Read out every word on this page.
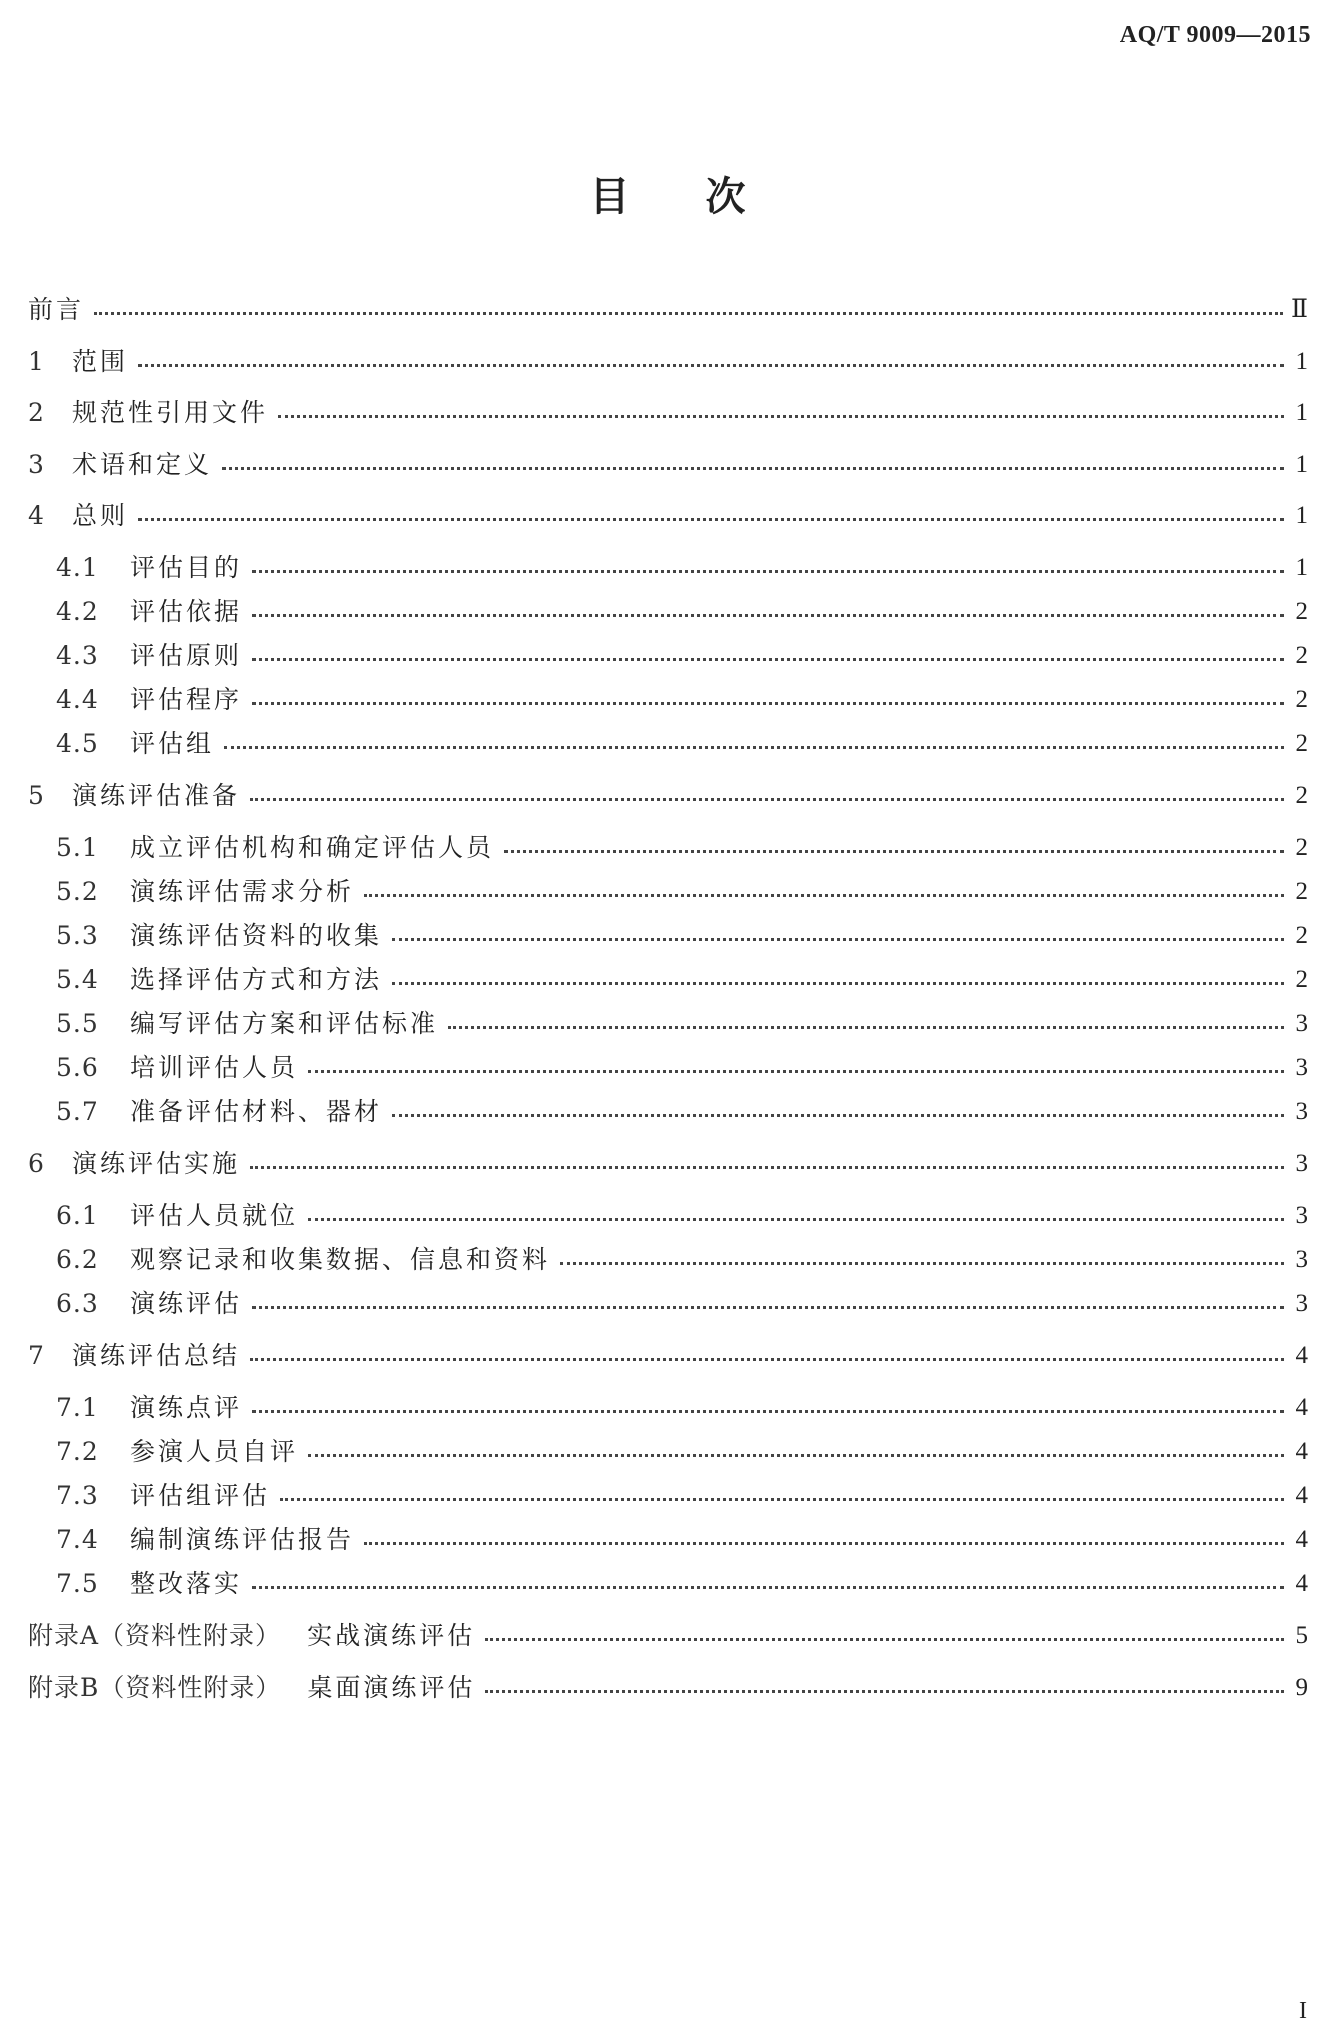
AQ/T 9009—2015
目次
前言	Ⅱ
1	范围	1
2	规范性引用文件	1
3	术语和定义	1
4	总则	1
4.1	评估目的	1
4.2	评估依据	2
4.3	评估原则	2
4.4	评估程序	2
4.5	评估组	2
5	演练评估准备	2
5.1	成立评估机构和确定评估人员	2
5.2	演练评估需求分析	2
5.3	演练评估资料的收集	2
5.4	选择评估方式和方法	2
5.5	编写评估方案和评估标准	3
5.6	培训评估人员	3
5.7	准备评估材料、器材	3
6	演练评估实施	3
6.1	评估人员就位	3
6.2	观察记录和收集数据、信息和资料	3
6.3	演练评估	3
7	演练评估总结	4
7.1	演练点评	4
7.2	参演人员自评	4
7.3	评估组评估	4
7.4	编制演练评估报告	4
7.5	整改落实	4
附录A（资料性附录） 实战演练评估	5
附录B（资料性附录） 桌面演练评估	9
I
